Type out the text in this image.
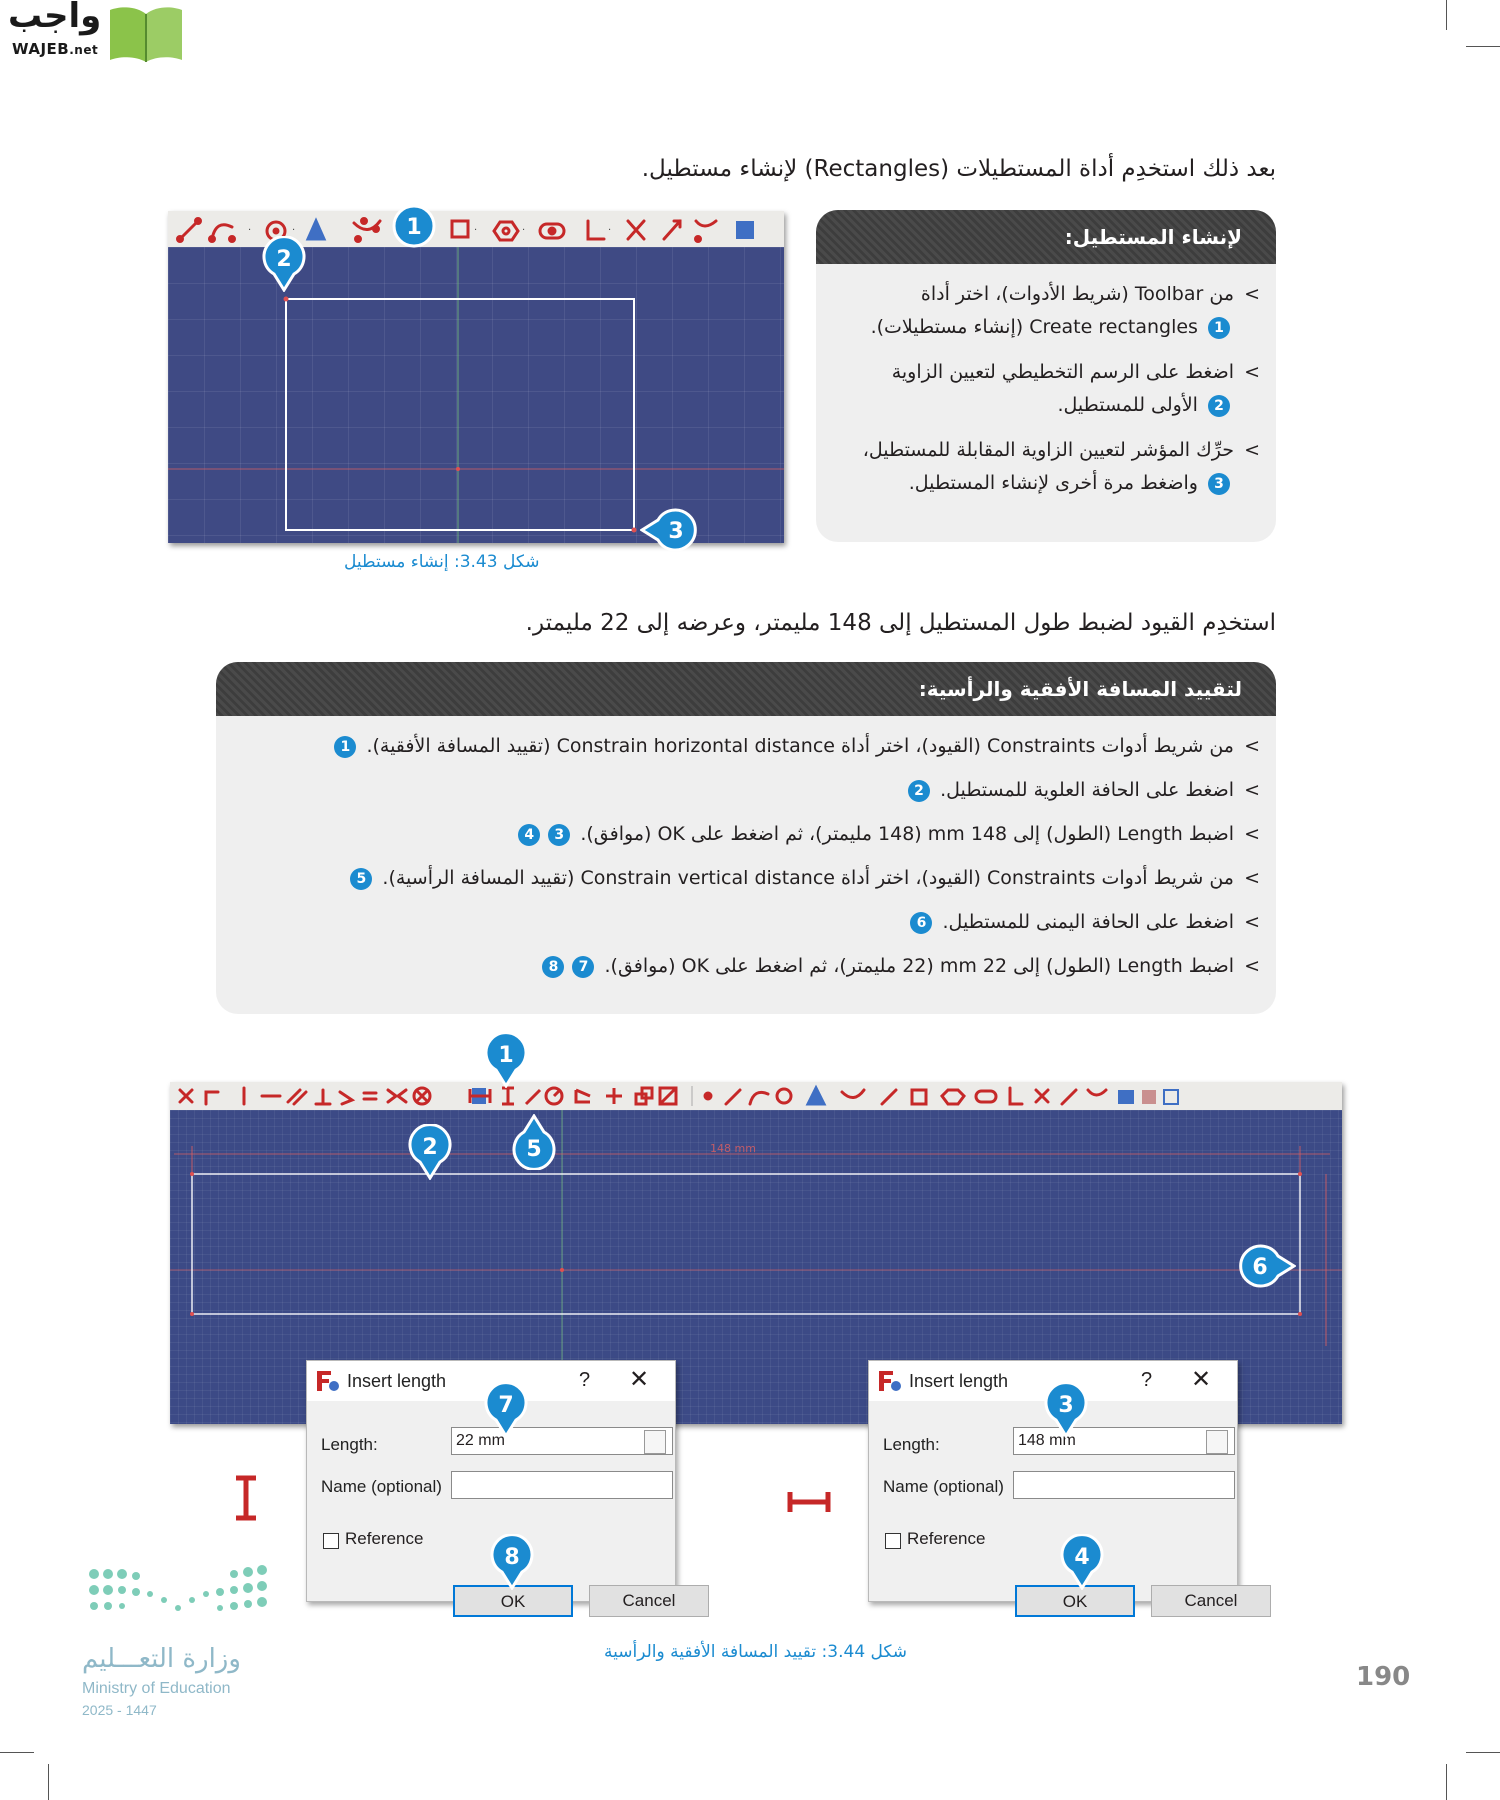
واجب
WAJEB.net
بعد ذلك استخدِم أداة المستطيلات (Rectangles) لإنشاء مستطيل.
·	·	·	·	·
1
2
3
شكل 3.43: إنشاء مستطيل
لإنشاء المستطيل:
>
من Toolbar (شريط الأدوات)، اختر أداة
1 Create rectangles (إنشاء مستطيلات).
>
اضغط على الرسم التخطيطي لتعيين الزاوية
2 الأولى للمستطيل.
>
حرِّك المؤشر لتعيين الزاوية المقابلة للمستطيل،
3 واضغط مرة أخرى لإنشاء المستطيل.
استخدِم القيود لضبط طول المستطيل إلى 148 مليمتر، وعرضه إلى 22 مليمتر.
لتقييد المسافة الأفقية والرأسية:
>
من شريط أدوات Constraints (القيود)، اختر أداة Constrain horizontal distance (تقييد المسافة الأفقية). 1
>
اضغط على الحافة العلوية للمستطيل. 2
>
اضبط Length (الطول) إلى 148 mm (148 مليمتر)، ثم اضغط على OK (موافق). 34
>
من شريط أدوات Constraints (القيود)، اختر أداة Constrain vertical distance (تقييد المسافة الرأسية). 5
>
اضغط على الحافة اليمنى للمستطيل. 6
>
اضبط Length (الطول) إلى 22 mm (22 مليمتر)، ثم اضغط على OK (موافق). 78
148 mm
1
2	5
6
Insert length	? ✕
Length:	22 mm
Name (optional)
Reference
OK	Cancel
Insert length	? ✕
Length:	148 mm
Name (optional)
Reference
OK	Cancel
7
8
3
4
شكل 3.44: تقييد المسافة الأفقية والرأسية
وزارة التعـــليم
Ministry of Education
2025 - 1447
190
